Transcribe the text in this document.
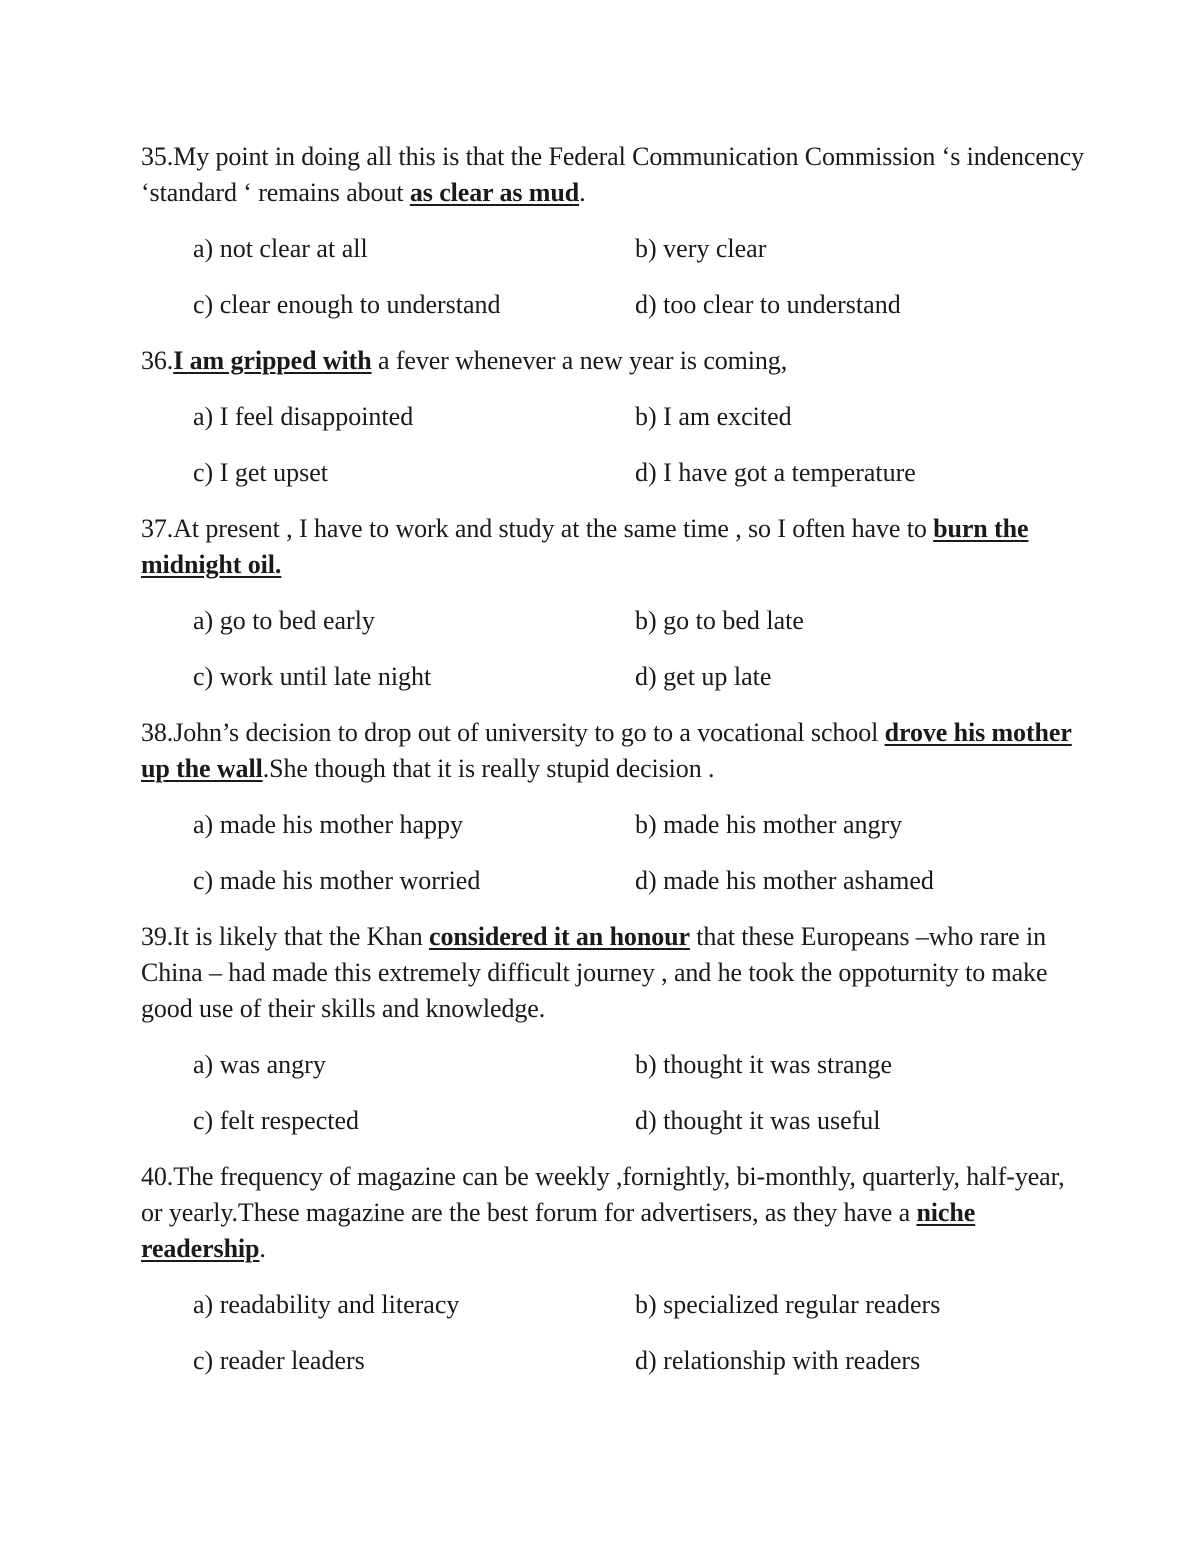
35.My point in doing all this is that the Federal Communication Commission ‘s indencency ‘standard ‘ remains about as clear as mud.
a) not clear at all	b) very clear
c) clear enough to understand	d) too clear to understand
36.I am gripped with a fever whenever a new year is coming,
a) I feel disappointed	b) I am excited
c) I get upset	d) I have got a temperature
37.At present , I have to work and study at the same time , so I often have to burn the midnight oil.
a) go to bed early	b) go to bed late
c) work until late night	d) get up late
38.John’s decision to drop out of university to go to a vocational school drove his mother up the wall.She though that it is really stupid decision .
a) made his mother happy	b) made his mother angry
c) made his mother worried	d) made his mother ashamed
39.It is likely that the Khan considered it an honour that these Europeans –who rare in China – had made this extremely difficult journey , and he took the oppoturnity to make good use of their skills and knowledge.
a) was angry	b) thought it was strange
c) felt respected	d) thought it was useful
40.The frequency of magazine can be weekly ,fornightly, bi-monthly, quarterly, half-year, or yearly.These magazine are the best forum for advertisers, as they have a niche readership.
a) readability and literacy	b) specialized regular readers
c) reader leaders	d) relationship with readers
